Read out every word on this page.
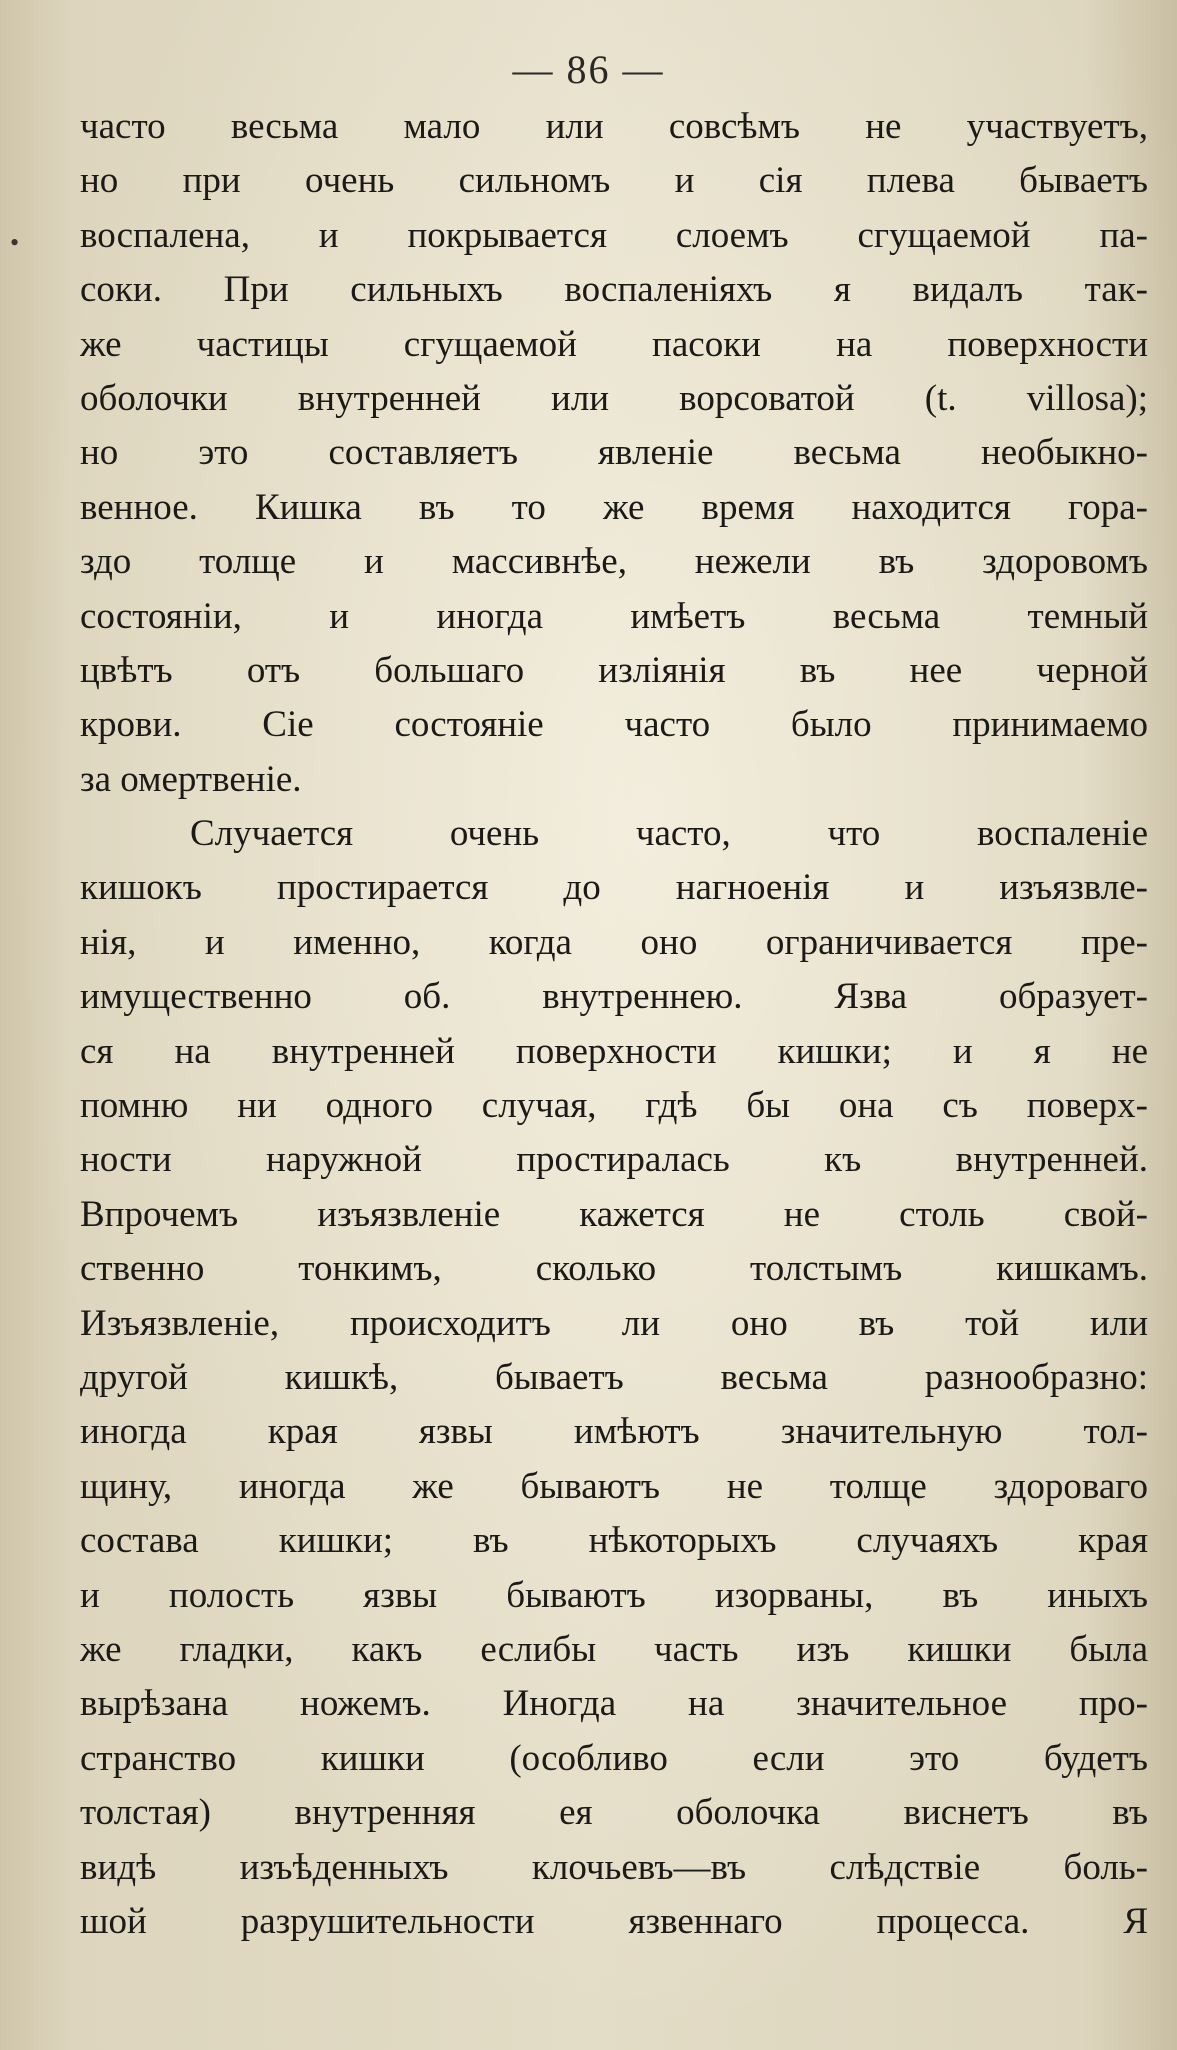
— 86 —
•
часто весьма мало или совсѣмъ не участвуетъ,
но при очень сильномъ и сія плева бываетъ
воспалена, и покрывается слоемъ сгущаемой па-
соки. При сильныхъ воспаленіяхъ я видалъ так-
же частицы сгущаемой пасоки на поверхности
оболочки внутренней или ворсоватой (t. villosa);
но это составляетъ явленіе весьма необыкно-
венное. Кишка въ то же время находится гора-
здо толще и массивнѣе, нежели въ здоровомъ
состояніи, и иногда имѣетъ весьма темный
цвѣтъ отъ большаго изліянія въ нее черной
крови. Сіе состояніе часто было принимаемо
за омертвеніе.
Случается очень часто, что воспаленіе
кишокъ простирается до нагноенія и изъязвле-
нія, и именно, когда оно ограничивается пре-
имущественно об. внутреннею. Язва образует-
ся на внутренней поверхности кишки; и я не
помню ни одного случая, гдѣ бы она съ поверх-
ности наружной простиралась къ внутренней.
Впрочемъ изъязвленіе кажется не столь свой-
ственно тонкимъ, сколько толстымъ кишкамъ.
Изъязвленіе, происходитъ ли оно въ той или
другой кишкѣ, бываетъ весьма разнообразно:
иногда края язвы имѣютъ значительную тол-
щину, иногда же бываютъ не толще здороваго
состава кишки; въ нѣкоторыхъ случаяхъ края
и полость язвы бываютъ изорваны, въ иныхъ
же гладки, какъ еслибы часть изъ кишки была
вырѣзана ножемъ. Иногда на значительное про-
странство кишки (особливо если это будетъ
толстая) внутренняя ея оболочка виснетъ въ
видѣ изъѣденныхъ клочьевъ—въ слѣдствіе боль-
шой разрушительности язвеннаго процесса. Я
